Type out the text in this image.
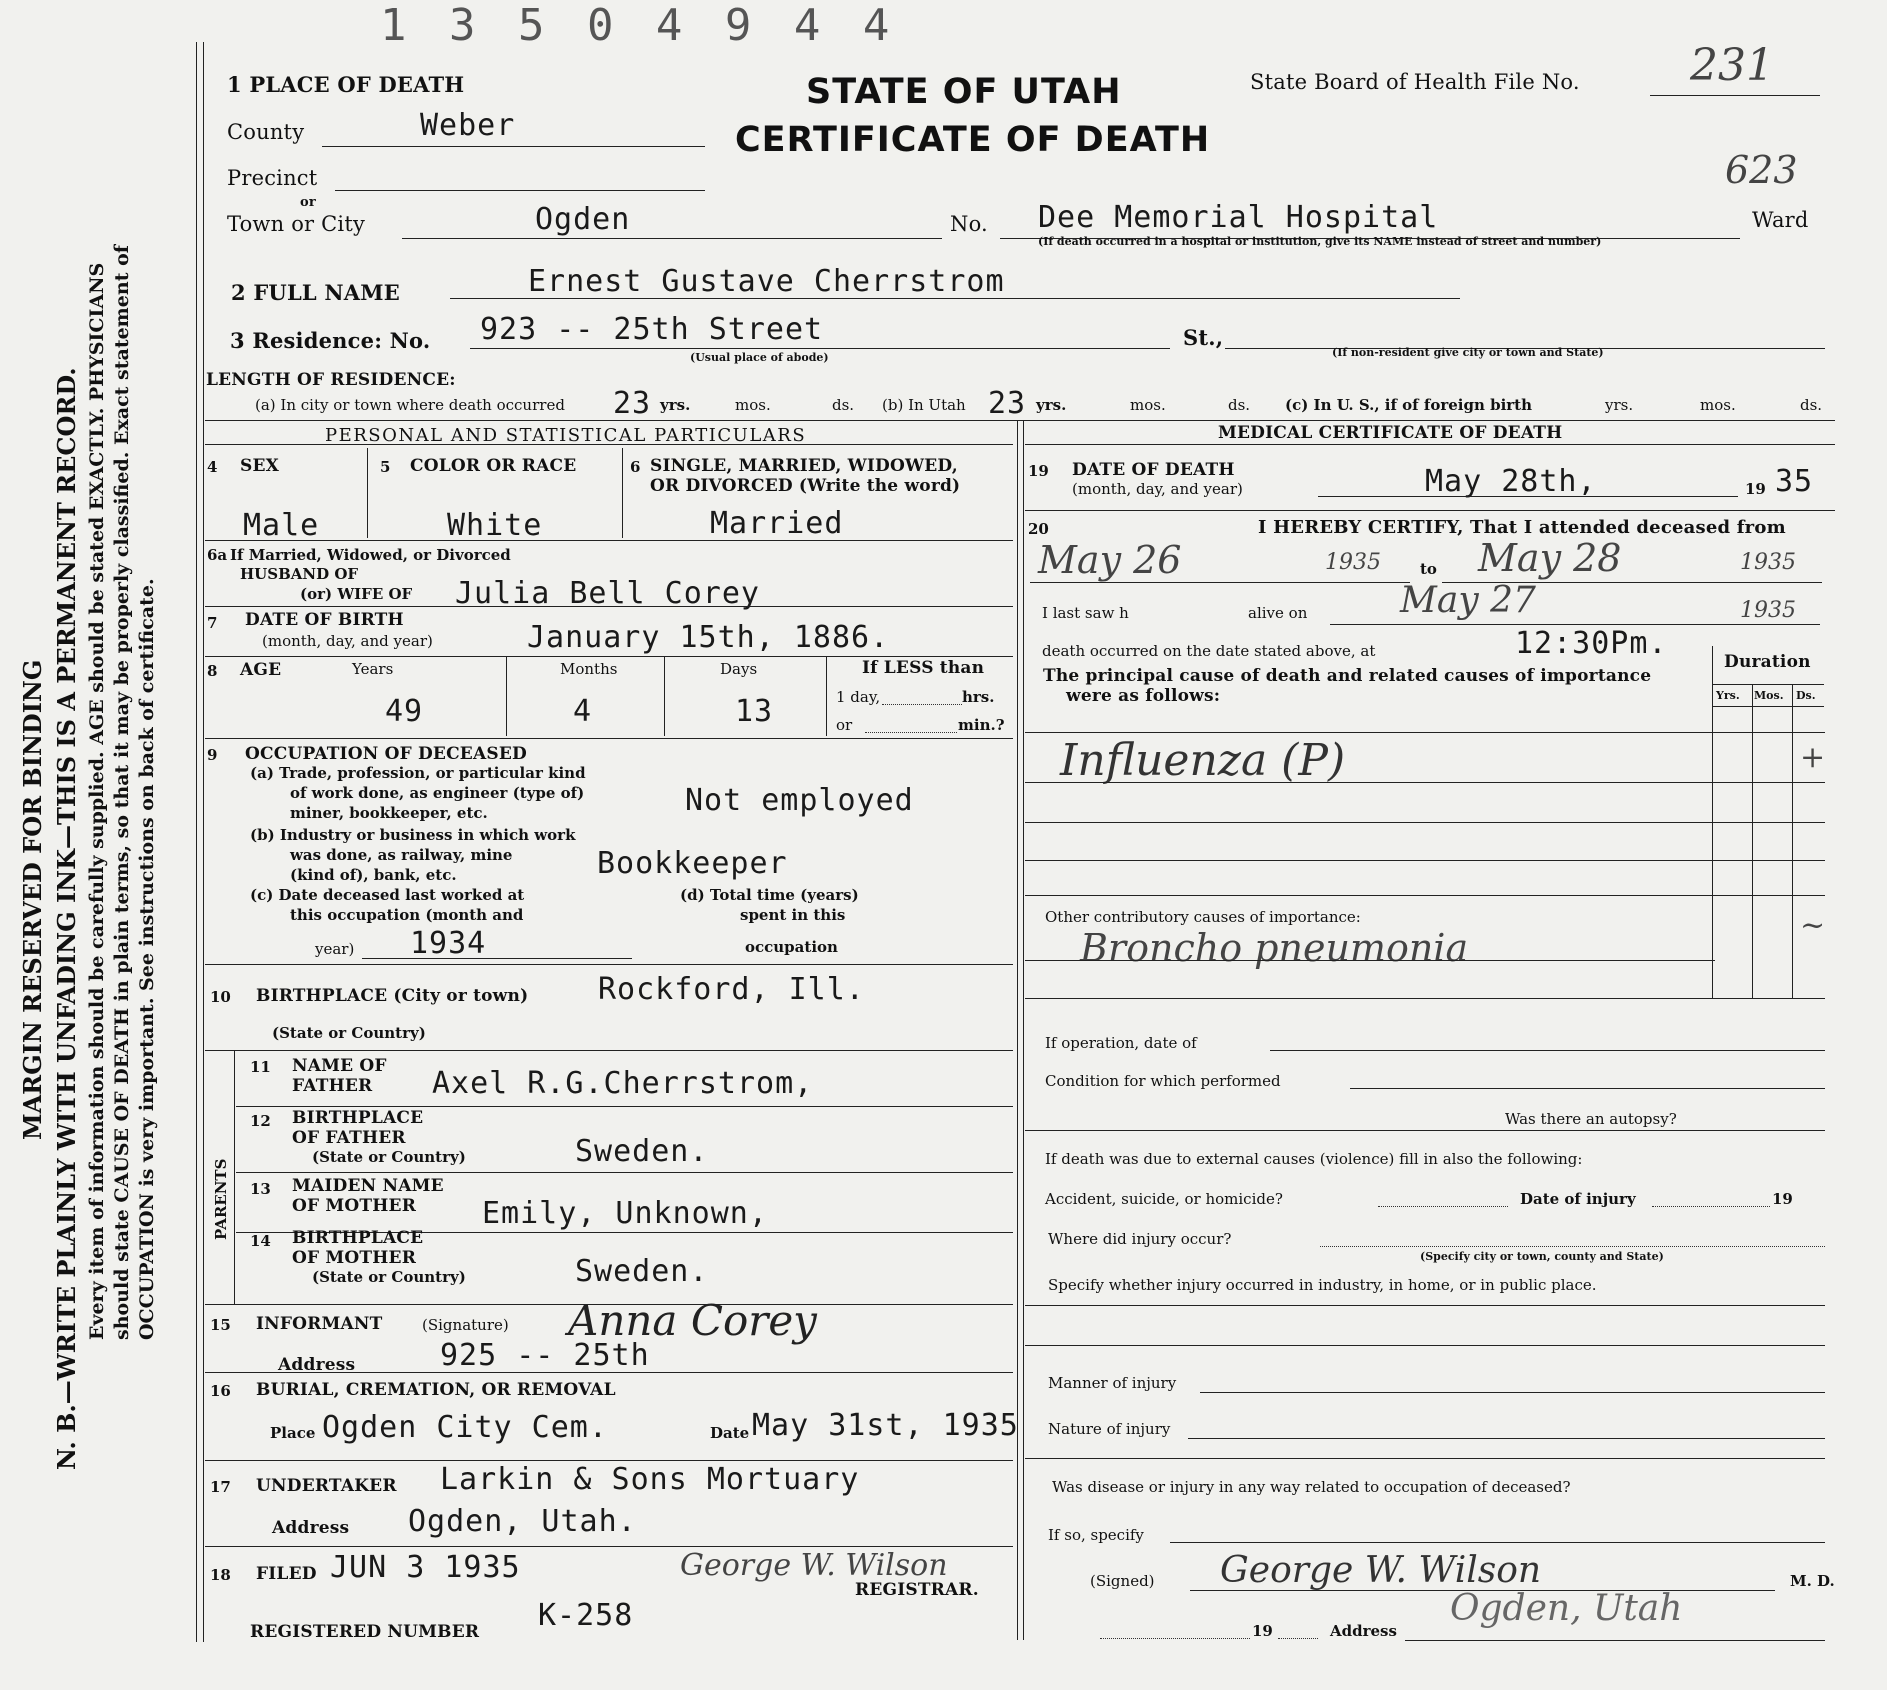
1 3 5 0 4 9 4 4
MARGIN RESERVED FOR BINDING N. B.—WRITE PLAINLY WITH UNFADING INK—THIS IS A PERMANENT RECORD. Every item of information should be carefully supplied. AGE should be stated EXACTLY. PHYSICIANS should state CAUSE OF DEATH in plain terms, so that it may be properly classified. Exact statement of OCCUPATION is very important. See instructions on back of certificate.
1 PLACE OF DEATH	STATE OF UTAH
CERTIFICATE OF DEATH
State Board of Health File No.	231
623
County	Weber
Precinct
or
Town or City	Ogden	No. Dee Memorial Hospital	Ward
(If death occurred in a hospital or institution, give its NAME instead of street and number)
2 FULL NAME	Ernest Gustave Cherrstrom
3 Residence: No. 923 -- 25th Street	St.,
(Usual place of abode)	(If non-resident give city or town and State)
LENGTH OF RESIDENCE:
(a) In city or town where death occurred 23 yrs.	mos.	ds. (b) In Utah 23 yrs.	mos.	ds. (c) In U. S., if of foreign birth	yrs.	mos.	ds.
PERSONAL AND STATISTICAL PARTICULARS
4 SEX	5 COLOR OR RACE	6 SINGLE, MARRIED, WIDOWED,
OR DIVORCED (Write the word)
Male	White	Married
6a If Married, Widowed, or Divorced
HUSBAND OF
(or) WIFE OF Julia Bell Corey
7 DATE OF BIRTH
(month, day, and year)	January 15th, 1886.
8 AGE	Years	Months	Days	If LESS than
1 day,	hrs.
or	min.?
49	4	13
9 OCCUPATION OF DECEASED
(a) Trade, profession, or particular kind
of work done, as engineer (type of)
miner, bookkeeper, etc.	Not employed
(b) Industry or business in which work
was done, as railway, mine
(kind of), bank, etc.	Bookkeeper
(c) Date deceased last worked at
this occupation (month and
year) 1934
(d) Total time (years)
spent in this
occupation
10 BIRTHPLACE (City or town) Rockford, Ill.
(State or Country)
PARENTS
11 NAME OF
FATHER Axel R.G.Cherrstrom,
12 BIRTHPLACE
OF FATHER
(State or Country)	Sweden.
13 MAIDEN NAME
OF MOTHER Emily, Unknown,
14 BIRTHPLACE
OF MOTHER
(State or Country)	Sweden.
15 INFORMANT	(Signature) Anna Corey
Address	925 -- 25th
16 BURIAL, CREMATION, OR REMOVAL
Place Ogden City Cem.	Date May 31st, 1935
17 UNDERTAKER Larkin & Sons Mortuary
Address Ogden, Utah.
18 FILED JUN 3 1935	George W. Wilson
REGISTRAR.
K-258
REGISTERED NUMBER
MEDICAL CERTIFICATE OF DEATH
19 DATE OF DEATH
(month, day, and year)	May 28th,	19 35
20	I HEREBY CERTIFY, That I attended deceased from
May 26	1935	to May 28	1935
I last saw h	alive on	May 27	1935
death occurred on the date stated above, at	12:30Pm.
The principal cause of death and related causes of importance
were as follows:
Duration
Yrs. Mos. Ds.
Influenza (P)	+
Other contributory causes of importance:
Broncho pneumonia
~
If operation, date of
Condition for which performed
Was there an autopsy?
If death was due to external causes (violence) fill in also the following:
Accident, suicide, or homicide?	Date of injury	19
Where did injury occur?
(Specify city or town, county and State)
Specify whether injury occurred in industry, in home, or in public place.
Manner of injury
Nature of injury
Was disease or injury in any way related to occupation of deceased?
If so, specify
(Signed) George W. Wilson	M. D.
19	Address
Ogden, Utah
